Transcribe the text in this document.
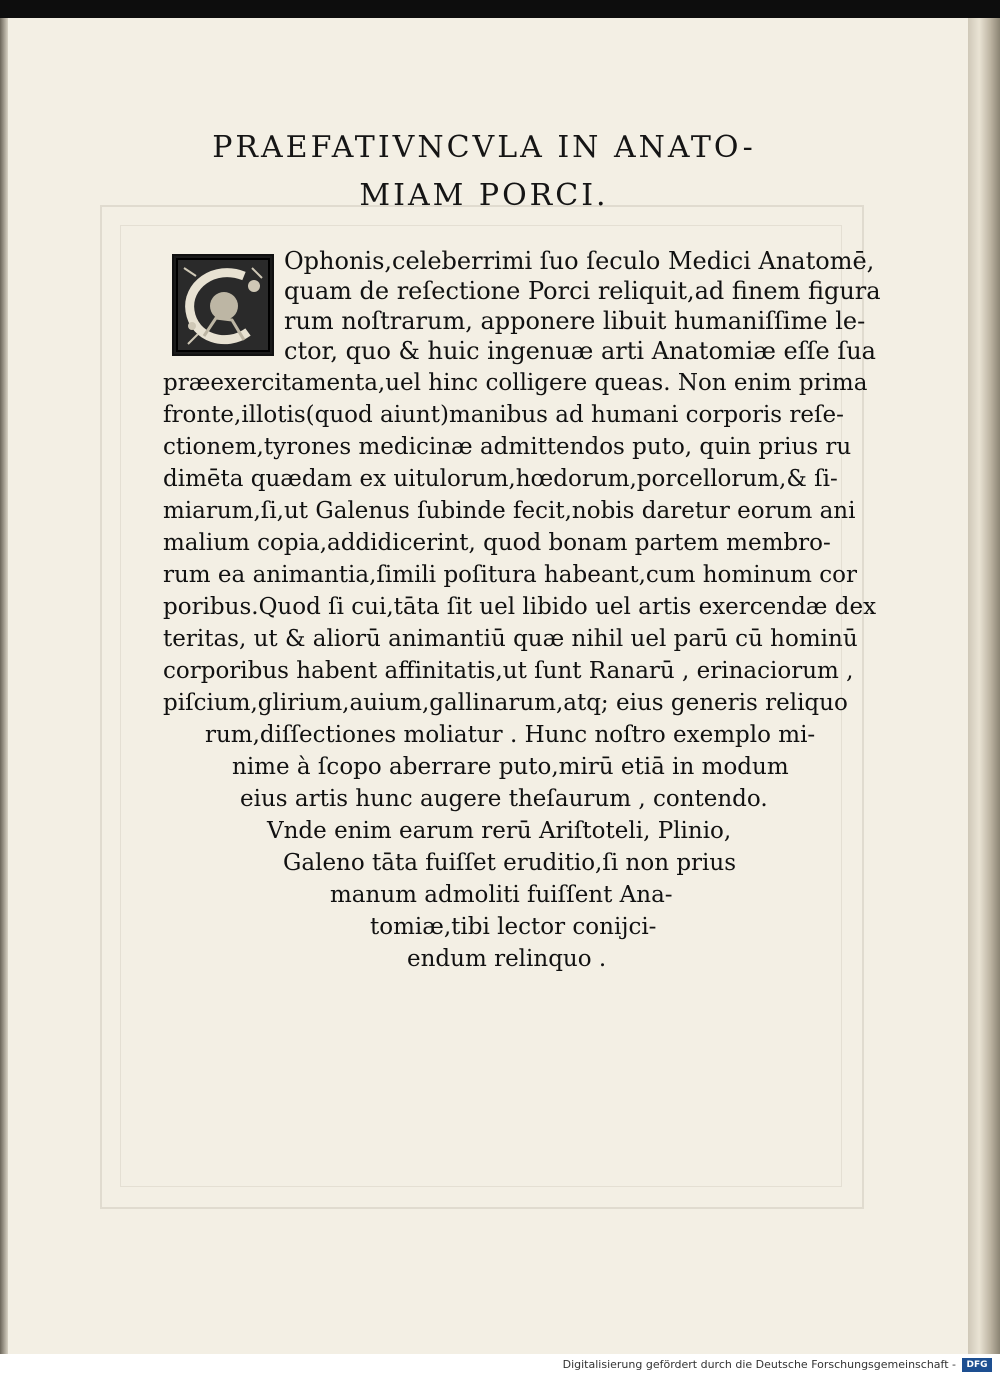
PRAEFATIVNCVLA IN ANATO-
MIAM PORCI.
Ophonis,celeberrimi ſuo ſeculo Medici Anatomē,
quam de reſectione Porci reliquit,ad finem figura
rum noſtrarum, apponere libuit humaniſſime le-
ctor, quo & huic ingenuæ arti Anatomiæ eſſe ſua
præexercitamenta,uel hinc colligere queas. Non enim prima
fronte,illotis(quod aiunt)manibus ad humani corporis reſe-
ctionem,tyrones medicinæ admittendos puto, quin prius ru
dimēta quædam ex uitulorum,hœdorum,porcellorum,& ſi-
miarum,ſi,ut Galenus ſubinde fecit,nobis daretur eorum ani
malium copia,addidicerint, quod bonam partem membro-
rum ea animantia,ſimili poſitura habeant,cum hominum cor
poribus.Quod ſi cui,tāta ſit uel libido uel artis exercendæ dex
teritas, ut & aliorū animantiū quæ nihil uel parū cū hominū
corporibus habent affinitatis,ut ſunt Ranarū , erinaciorum ,
piſcium,glirium,auium,gallinarum,atq; eius generis reliquo
rum,diſſectiones moliatur . Hunc noſtro exemplo mi-
nime à ſcopo aberrare puto,mirū etiā in modum
eius artis hunc augere theſaurum , contendo.
Vnde enim earum rerū Ariſtoteli, Plinio,
Galeno tāta fuiſſet eruditio,ſi non prius
manum admoliti fuiſſent Ana-
tomiæ,tibi lector conijci-
endum relinquo .
Digitalisierung gefördert durch die Deutsche Forschungsgemeinschaft -	DFG
